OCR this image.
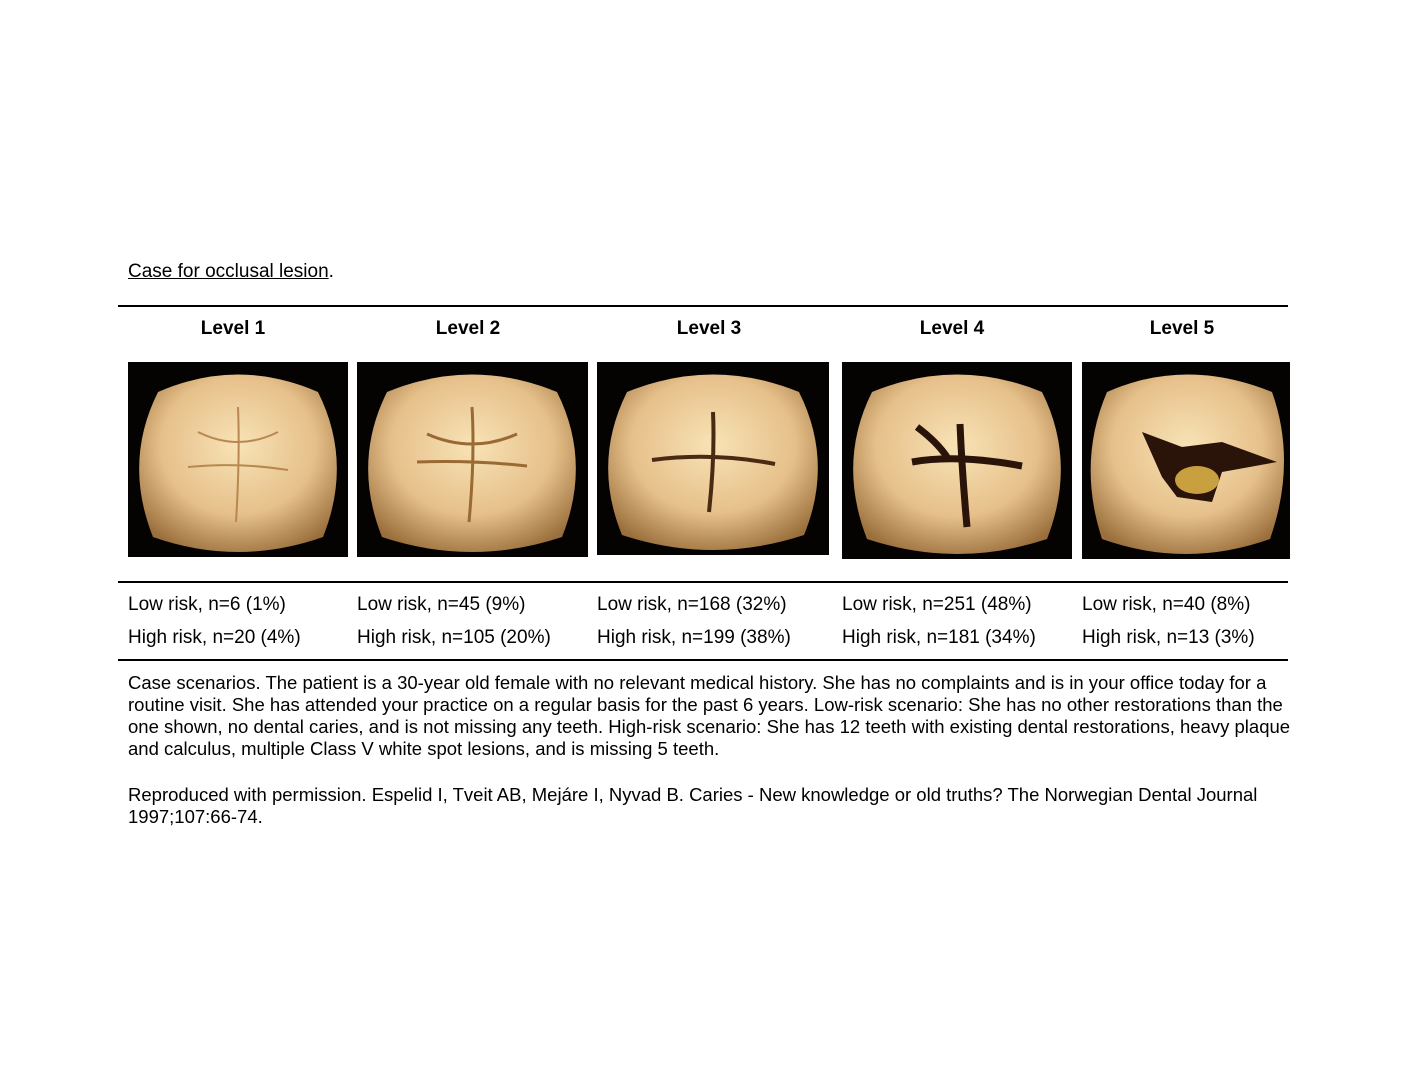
Case for occlusal lesion.
Level 1	Level 2	Level 3	Level 4	Level 5
Low risk, n=6 (1%)	Low risk, n=45 (9%)	Low risk, n=168 (32%)	Low risk, n=251 (48%)	Low risk, n=40 (8%)
High risk, n=20 (4%)	High risk, n=105 (20%) High risk, n=199 (38%)	High risk, n=181 (34%) High risk, n=13 (3%)
Case scenarios. The patient is a 30-year old female with no relevant medical history. She has no complaints and is in your office today for a routine visit. She has attended your practice on a regular basis for the past 6 years. Low-risk scenario: She has no other restorations than the one shown, no dental caries, and is not missing any teeth. High-risk scenario: She has 12 teeth with existing dental restorations, heavy plaque and calculus, multiple Class V white spot lesions, and is missing 5 teeth.
Reproduced with permission. Espelid I, Tveit AB, Mejáre I, Nyvad B. Caries - New knowledge or old truths? The Norwegian Dental Journal 1997;107:66-74.
